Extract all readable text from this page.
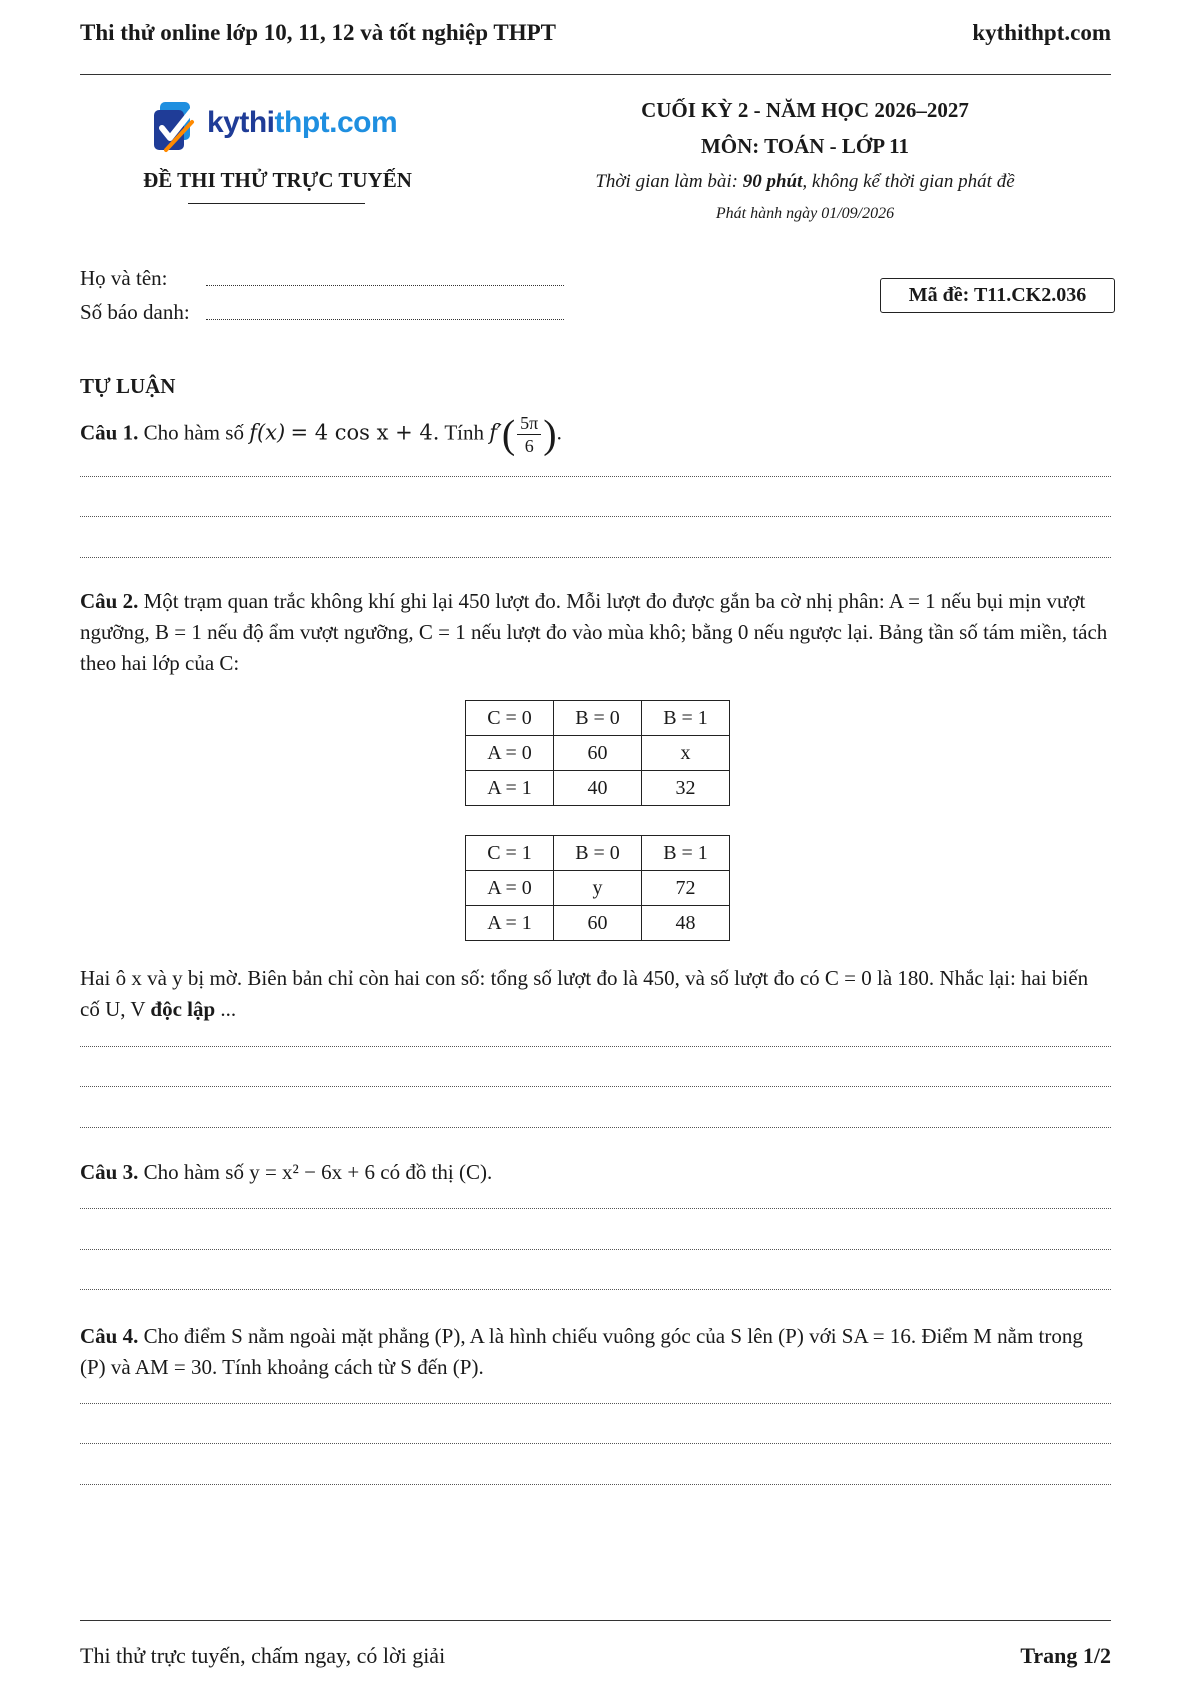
Thi thử online lớp 10, 11, 12 và tốt nghiệp THPT	kythithpt.com
kythithpt.com
ĐỀ THI THỬ TRỰC TUYẾN
CUỐI KỲ 2 - NĂM HỌC 2026–2027
MÔN: TOÁN - LỚP 11
Thời gian làm bài: 90 phút, không kể thời gian phát đề
Phát hành ngày 01/09/2026
Họ và tên:
Số báo danh:
Mã đề: T11.CK2.036
TỰ LUẬN
Câu 1. Cho hàm số f(x) = 4 cos x + 4. Tính $f'( \frac{5\pi}{6}$ ).
Câu 2. Một trạm quan trắc không khí ghi lại 450 lượt đo. Mỗi lượt đo được gắn ba cờ nhị phân: A = 1 nếu bụi mịn vượt ngưỡng, B = 1 nếu độ ẩm vượt ngưỡng, C = 1 nếu lượt đo vào mùa khô; bằng 0 nếu ngược lại. Bảng tần số tám miền, tách theo hai lớp của C:
C = 0	B = 0	B = 1
A = 0	60	x
A = 1	40	32
C = 1	B = 0	B = 1
A = 0	y	72
A = 1	60	48
Hai ô x và y bị mờ. Biên bản chỉ còn hai con số: tổng số lượt đo là 450, và số lượt đo có C = 0 là 180. Nhắc lại: hai biến cố U, V độc lập ...
Câu 3. Cho hàm số y = x² − 6x + 6 có đồ thị (C).
Câu 4. Cho điểm S nằm ngoài mặt phẳng (P), A là hình chiếu vuông góc của S lên (P) với SA = 16. Điểm M nằm trong (P) và AM = 30. Tính khoảng cách từ S đến (P).
Thi thử trực tuyến, chấm ngay, có lời giải	Trang 1/2
